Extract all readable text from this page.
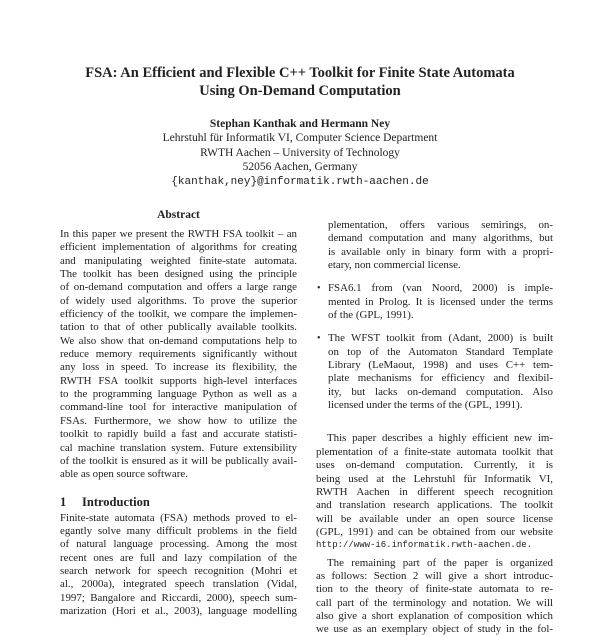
FSA: An Efficient and Flexible C++ Toolkit for Finite State Automata
Using On-Demand Computation
Stephan Kanthak and Hermann Ney
Lehrstuhl für Informatik VI, Computer Science Department
RWTH Aachen – University of Technology
52056 Aachen, Germany
{kanthak,ney}@informatik.rwth-aachen.de
Abstract
In this paper we present the RWTH FSA toolkit – an
efficient implementation of algorithms for creating
and manipulating weighted finite-state automata.
The toolkit has been designed using the principle
of on-demand computation and offers a large range
of widely used algorithms. To prove the superior
efficiency of the toolkit, we compare the implemen-
tation to that of other publically available toolkits.
We also show that on-demand computations help to
reduce memory requirements significantly without
any loss in speed. To increase its flexibility, the
RWTH FSA toolkit supports high-level interfaces
to the programming language Python as well as a
command-line tool for interactive manipulation of
FSAs. Furthermore, we show how to utilize the
toolkit to rapidly build a fast and accurate statisti-
cal machine translation system. Future extensibility
of the toolkit is ensured as it will be publically avail-
able as open source software.
1 Introduction
Finite-state automata (FSA) methods proved to el-
egantly solve many difficult problems in the field
of natural language processing. Among the most
recent ones are full and lazy compilation of the
search network for speech recognition (Mohri et
al., 2000a), integrated speech translation (Vidal,
1997; Bangalore and Riccardi, 2000), speech sum-
marization (Hori et al., 2003), language modelling
plementation, offers various semirings, on-
demand computation and many algorithms, but
is available only in binary form with a propri-
etary, non commercial license.
• FSA6.1 from (van Noord, 2000) is imple-
mented in Prolog. It is licensed under the terms
of the (GPL, 1991).
• The WFST toolkit from (Adant, 2000) is built
on top of the Automaton Standard Template
Library (LeMaout, 1998) and uses C++ tem-
plate mechanisms for efficiency and flexibil-
ity, but lacks on-demand computation. Also
licensed under the terms of the (GPL, 1991).
This paper describes a highly efficient new im-
plementation of a finite-state automata toolkit that
uses on-demand computation. Currently, it is
being used at the Lehrstuhl für Informatik VI,
RWTH Aachen in different speech recognition
and translation research applications. The toolkit
will be available under an open source license
(GPL, 1991) and can be obtained from our website
http://www-i6.informatik.rwth-aachen.de.
The remaining part of the paper is organized
as follows: Section 2 will give a short introduc-
tion to the theory of finite-state automata to re-
call part of the terminology and notation. We will
also give a short explanation of composition which
we use as an exemplary object of study in the fol-
